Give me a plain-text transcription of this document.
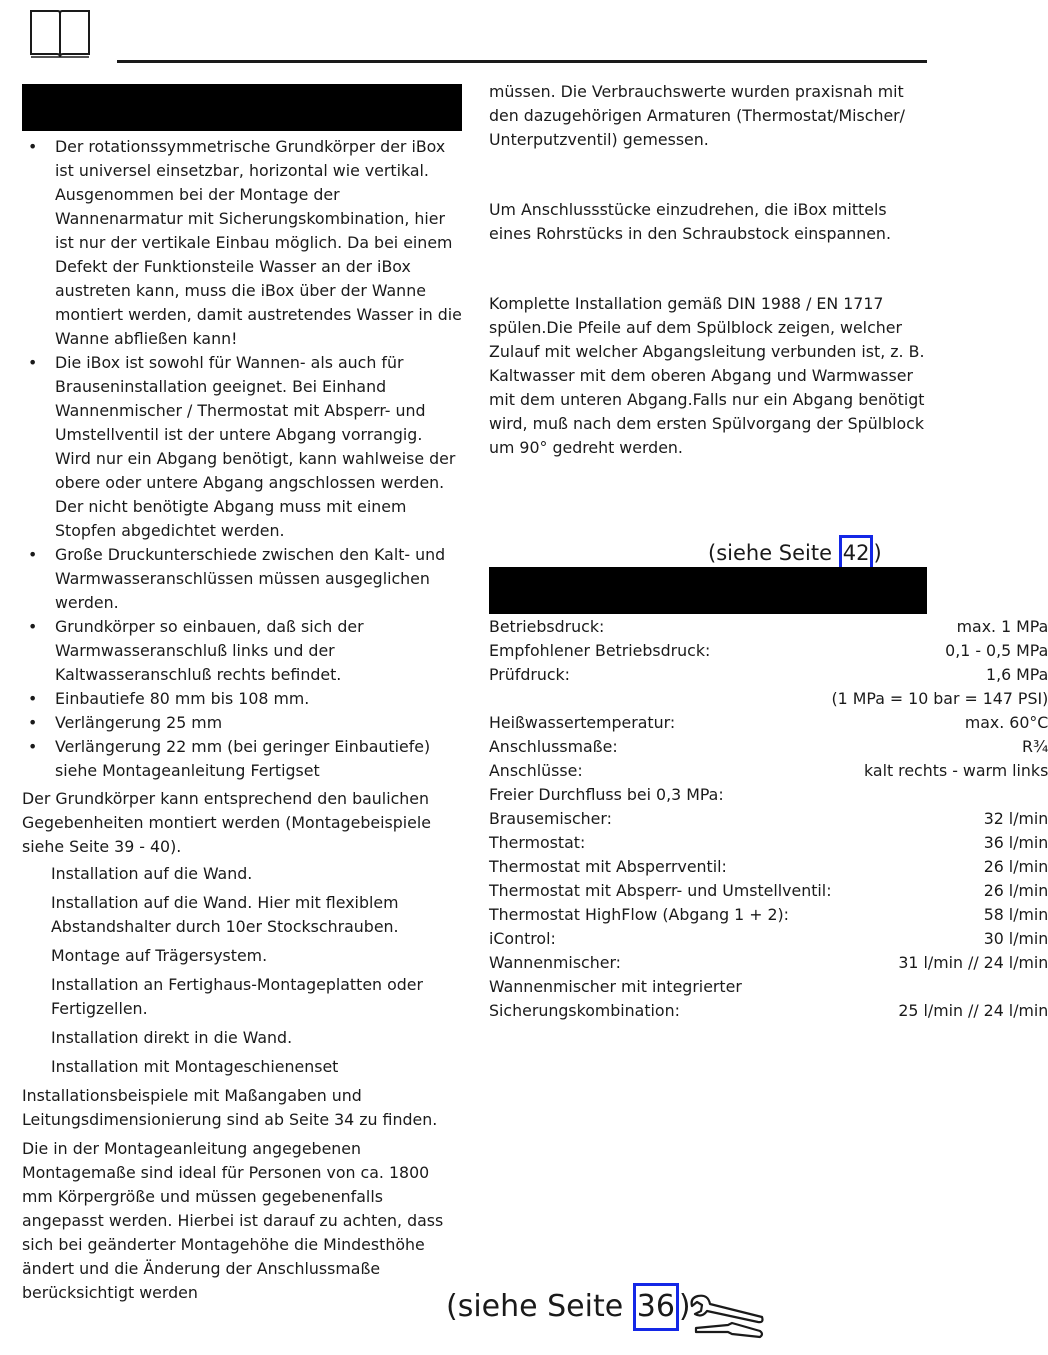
• Der rotationssymmetrische Grundkörper der iBox ist universel einsetzbar, horizontal wie vertikal. Ausgenommen bei der Montage der Wannenarmatur mit Sicherungskombination, hier ist nur der vertikale Einbau möglich. Da bei einem Defekt der Funktionsteile Wasser an der iBox austreten kann, muss die iBox über der Wanne montiert werden, damit austretendes Wasser in die Wanne abfließen kann!
• Die iBox ist sowohl für Wannen- als auch für Brauseninstallation geeignet. Bei Einhand Wannenmischer / Thermostat mit Absperr- und Umstellventil ist der untere Abgang vorrangig. Wird nur ein Abgang benötigt, kann wahlweise der obere oder untere Abgang angschlossen werden. Der nicht benötigte Abgang muss mit einem Stopfen abgedichtet werden.
• Große Druckunterschiede zwischen den Kalt- und Warmwasseranschlüssen müssen ausgeglichen werden.
• Grundkörper so einbauen, daß sich der Warmwasseranschluß links und der Kaltwasseranschluß rechts befindet.
• Einbautiefe 80 mm bis 108 mm.
• Verlängerung 25 mm
• Verlängerung 22 mm (bei geringer Einbautiefe) siehe Montageanleitung Fertigset

Der Grundkörper kann entsprechend den baulichen Gegebenheiten montiert werden (Montagebeispiele siehe Seite 39 - 40).

Installation auf die Wand.
Installation auf die Wand. Hier mit flexiblem Abstandshalter durch 10er Stockschrauben.
Montage auf Trägersystem.
Installation an Fertighaus-Montageplatten oder Fertigzellen.
Installation direkt in die Wand.
Installation mit Montageschienenset

Installationsbeispiele mit Maßangaben und Leitungsdimensionierung sind ab Seite 34 zu finden.

Die in der Montageanleitung angegebenen Montagemaße sind ideal für Personen von ca. 1800 mm Körpergröße und müssen gegebenenfalls angepasst werden. Hierbei ist darauf zu achten, dass sich bei geänderter Montagehöhe die Mindesthöhe ändert und die Änderung der Anschlussmaße berücksichtigt werden

müssen. Die Verbrauchswerte wurden praxisnah mit den dazugehörigen Armaturen (Thermostat/Mischer/ Unterputzventil) gemessen.

Um Anschlussstücke einzudrehen, die iBox mittels eines Rohrstücks in den Schraubstock einspannen.

Komplette Installation gemäß DIN 1988 / EN 1717 spülen.Die Pfeile auf dem Spülblock zeigen, welcher Zulauf mit welcher Abgangsleitung verbunden ist, z. B. Kaltwasser mit dem oberen Abgang und Warmwasser mit dem unteren Abgang.Falls nur ein Abgang benötigt wird, muß nach dem ersten Spülvorgang der Spülblock um 90° gedreht werden.

(siehe Seite 42 )
Betriebsdruck:	max. 1 MPa
Empfohlener Betriebsdruck:	0,1 - 0,5 MPa
Prüfdruck:	1,6 MPa
	(1 MPa = 10 bar = 147 PSI)
Heißwassertemperatur:	max. 60°C
Anschlussmaße:	R¾
Anschlüsse:	kalt rechts - warm links
Freier Durchfluss bei 0,3 MPa:	
Brausemischer:	32 l/min
Thermostat:	36 l/min
Thermostat mit Absperrventil:	26 l/min
Thermostat mit Absperr- und Umstellventil:	26 l/min
Thermostat HighFlow (Abgang 1 + 2):	58 l/min
iControl:	30 l/min
Wannenmischer:	31 l/min // 24 l/min
Wannenmischer mit integrierter	
Sicherungskombination:	25 l/min // 24 l/min
(siehe Seite 36 )
